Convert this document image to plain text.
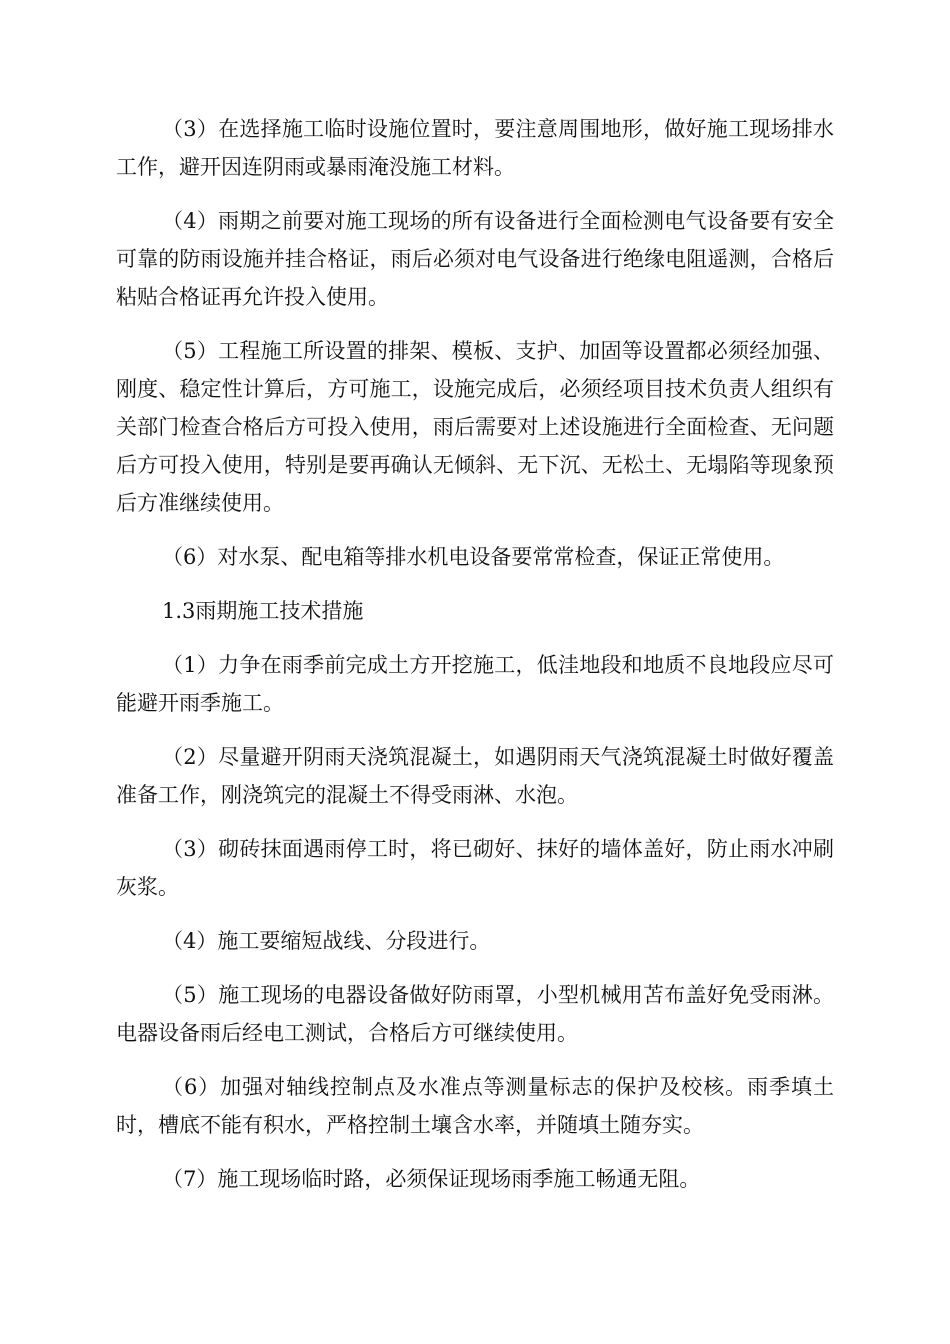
（3）在选择施工临时设施位置时，要注意周围地形，做好施工现场排水工作，避开因连阴雨或暴雨淹没施工材料。

（4）雨期之前要对施工现场的所有设备进行全面检测电气设备要有安全可靠的防雨设施并挂合格证，雨后必须对电气设备进行绝缘电阻遥测，合格后粘贴合格证再允许投入使用。

（5）工程施工所设置的排架、模板、支护、加固等设置都必须经加强、刚度、稳定性计算后，方可施工，设施完成后，必须经项目技术负责人组织有关部门检查合格后方可投入使用，雨后需要对上述设施进行全面检查、无问题后方可投入使用，特别是要再确认无倾斜、无下沉、无松土、无塌陷等现象预后方准继续使用。

（6）对水泵、配电箱等排水机电设备要常常检查，保证正常使用。

1.3雨期施工技术措施

（1）力争在雨季前完成土方开挖施工，低洼地段和地质不良地段应尽可能避开雨季施工。

（2）尽量避开阴雨天浇筑混凝土，如遇阴雨天气浇筑混凝土时做好覆盖准备工作，刚浇筑完的混凝土不得受雨淋、水泡。

（3）砌砖抹面遇雨停工时，将已砌好、抹好的墙体盖好，防止雨水冲刷灰浆。

（4）施工要缩短战线、分段进行。

（5）施工现场的电器设备做好防雨罩，小型机械用苫布盖好免受雨淋。电器设备雨后经电工测试，合格后方可继续使用。

（6）加强对轴线控制点及水准点等测量标志的保护及校核。雨季填土时，槽底不能有积水，严格控制土壤含水率，并随填土随夯实。

（7）施工现场临时路，必须保证现场雨季施工畅通无阻。
